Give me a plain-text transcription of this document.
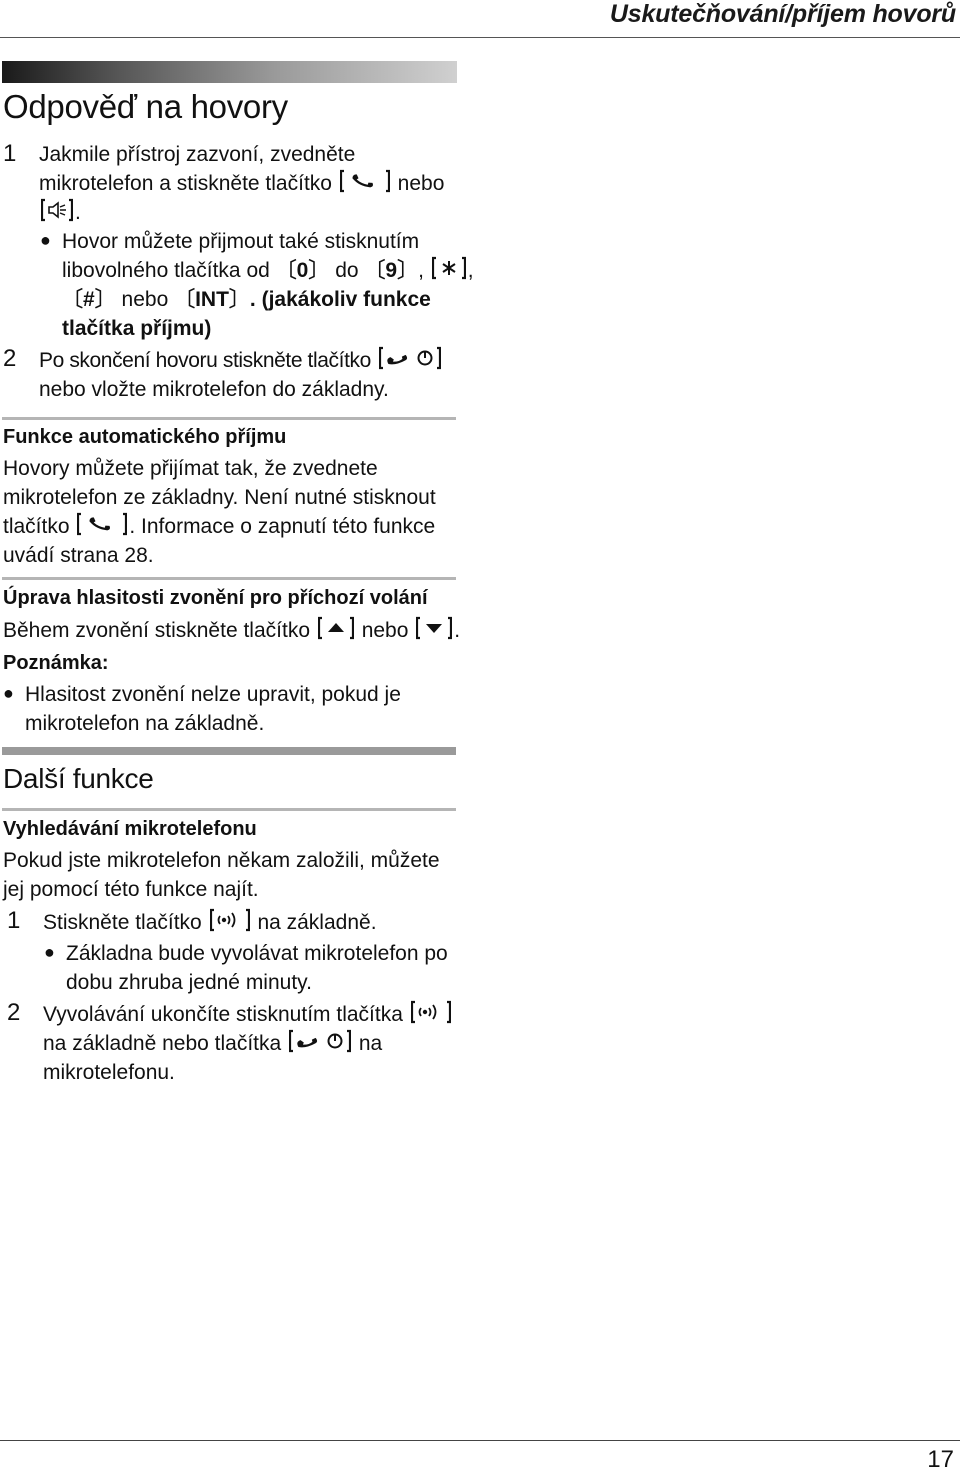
Uskutečňování/příjem hovorů
Odpověď na hovory
1 Jakmile přístroj zazvoní, zvedněte
mikrotelefon a stiskněte tlačítko	nebo
.
● Hovor můžete přijmout také stisknutím
libovolného tlačítka od 〔0〕 do 〔9〕, ,
〔#〕 nebo 〔INT〕. (jakákoliv funkce
tlačítka příjmu)
2 Po skončení hovoru stiskněte tlačítko
nebo vložte mikrotelefon do základny.
Funkce automatického příjmu
Hovory můžete přijímat tak, že zvednete
mikrotelefon ze základny. Není nutné stisknout
tlačítko	. Informace o zapnutí této funkce
uvádí strana 28.
Úprava hlasitosti zvonění pro příchozí volání
Během zvonění stiskněte tlačítko nebo .
Poznámka:
● Hlasitost zvonění nelze upravit, pokud je
mikrotelefon na základně.
Další funkce
Vyhledávání mikrotelefonu
Pokud jste mikrotelefon někam založili, můžete
jej pomocí této funkce najít.
1 Stiskněte tlačítko	na základně.
● Základna bude vyvolávat mikrotelefon po
dobu zhruba jedné minuty.
2 Vyvolávání ukončíte stisknutím tlačítka
na základně nebo tlačítka	na
mikrotelefonu.
17
